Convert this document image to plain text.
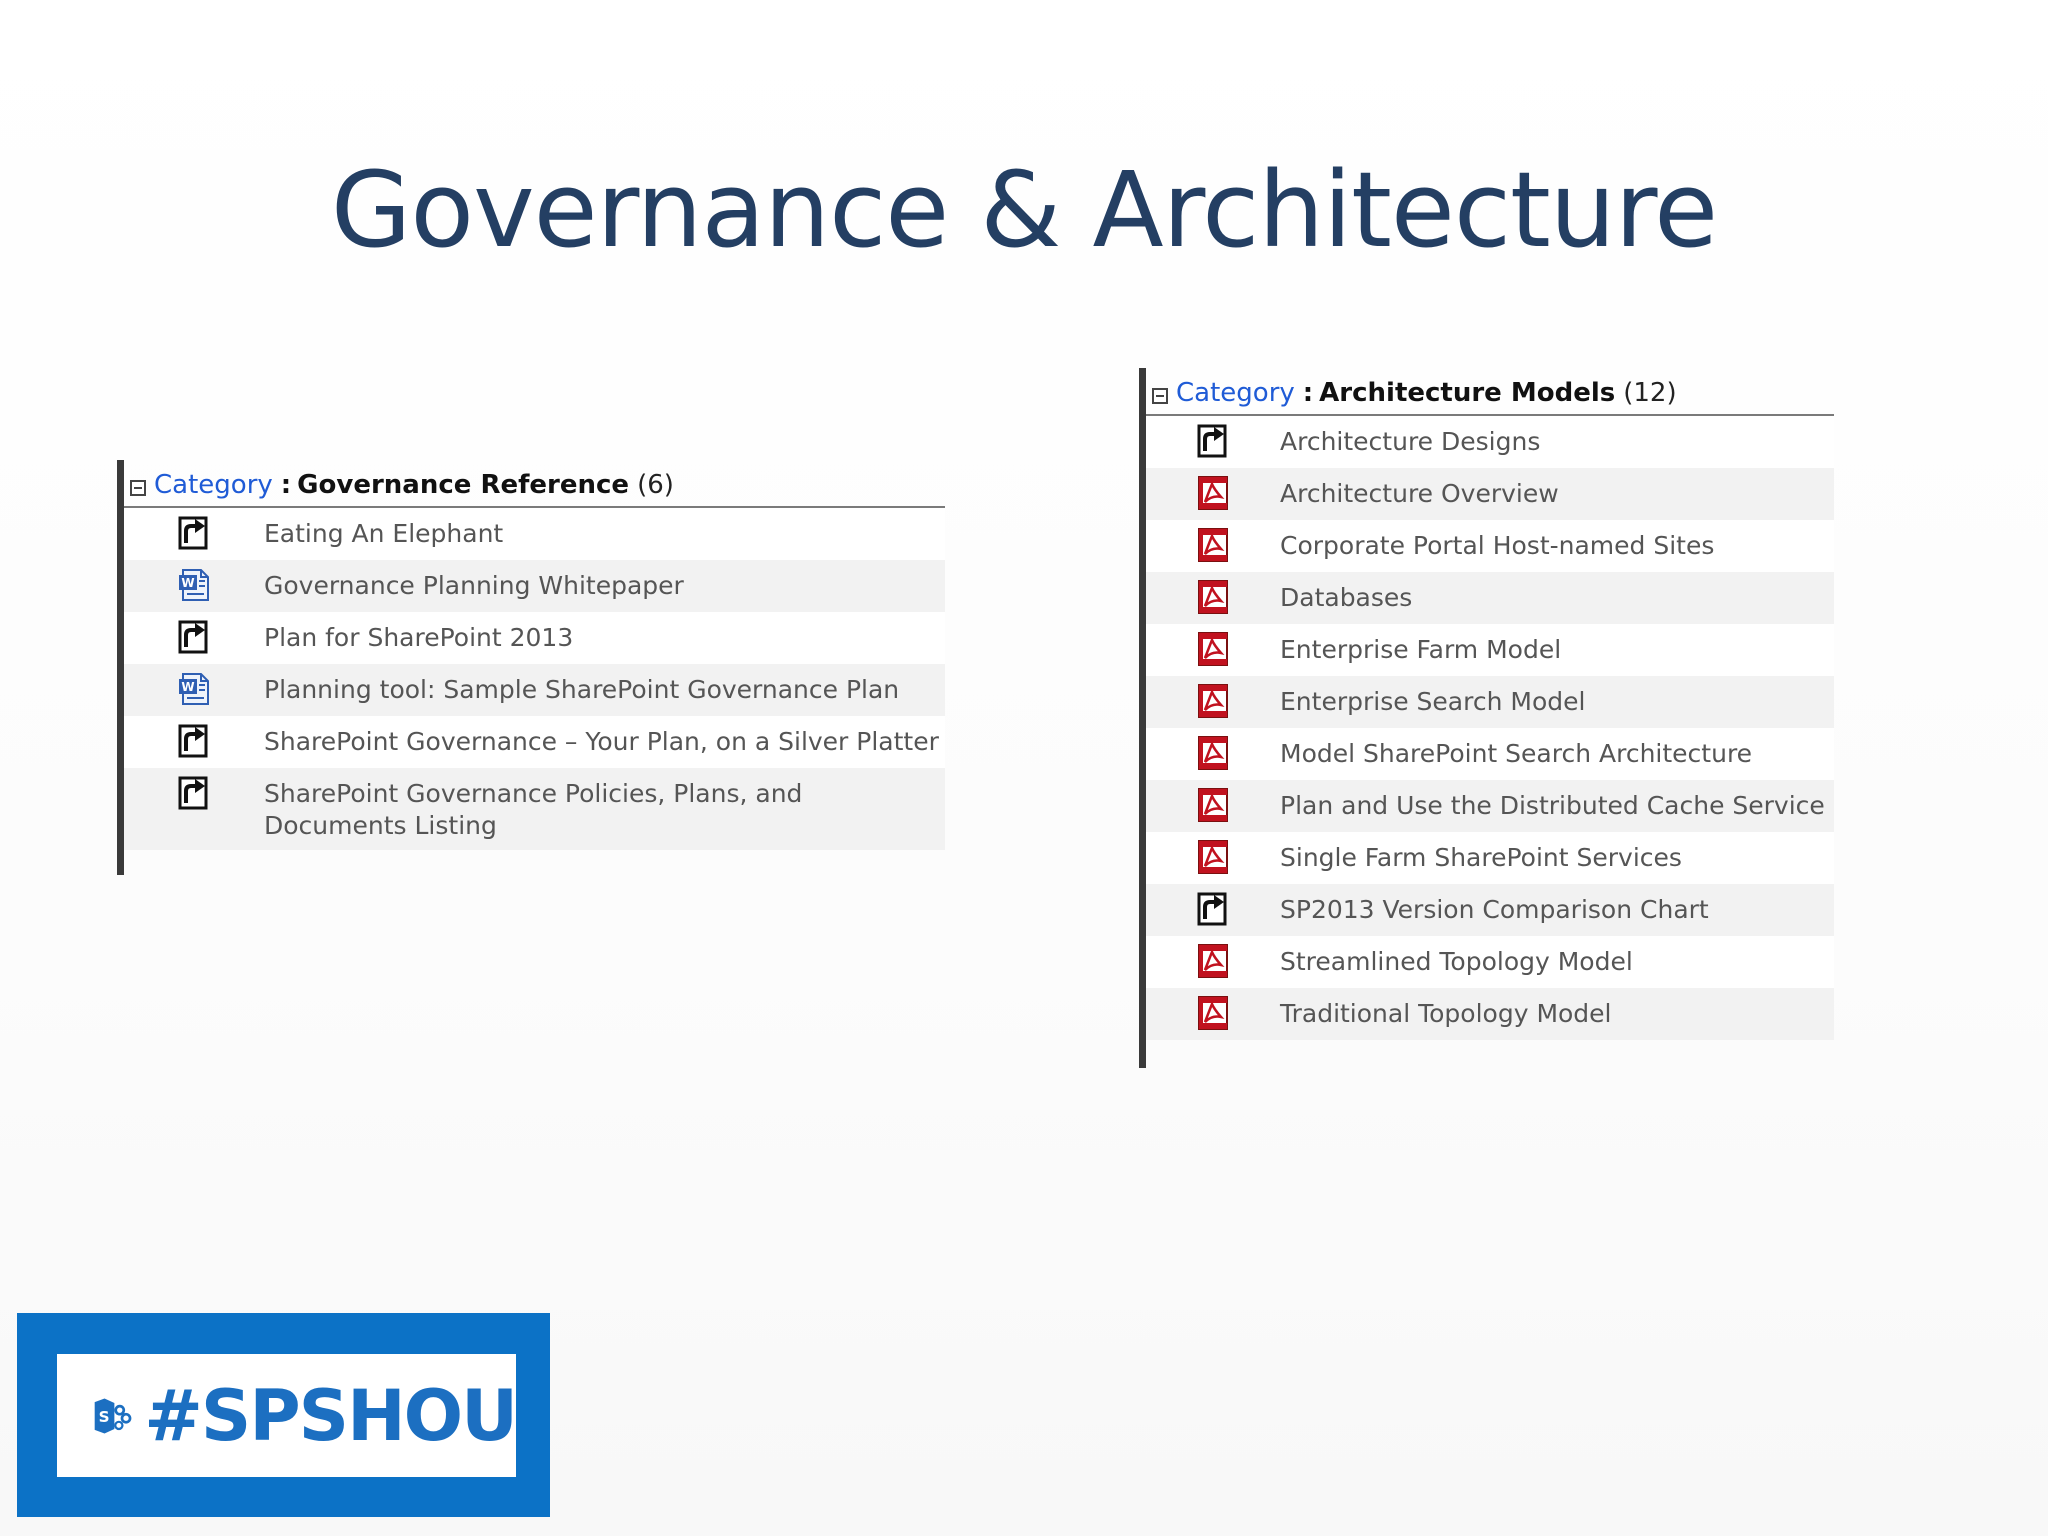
Governance & Architecture
Category : Governance Reference (6)
Eating An Elephant
W	Governance Planning Whitepaper
Plan for SharePoint 2013
W	Planning tool: Sample SharePoint Governance Plan
SharePoint Governance – Your Plan, on a Silver Platter
SharePoint Governance Policies, Plans, and Documents Listing
Category : Architecture Models (12)
Architecture Designs
Architecture Overview
Corporate Portal Host-named Sites
Databases
Enterprise Farm Model
Enterprise Search Model
Model SharePoint Search Architecture
Plan and Use the Distributed Cache Service
Single Farm SharePoint Services
SP2013 Version Comparison Chart
Streamlined Topology Model
Traditional Topology Model
S #SPSHOU
